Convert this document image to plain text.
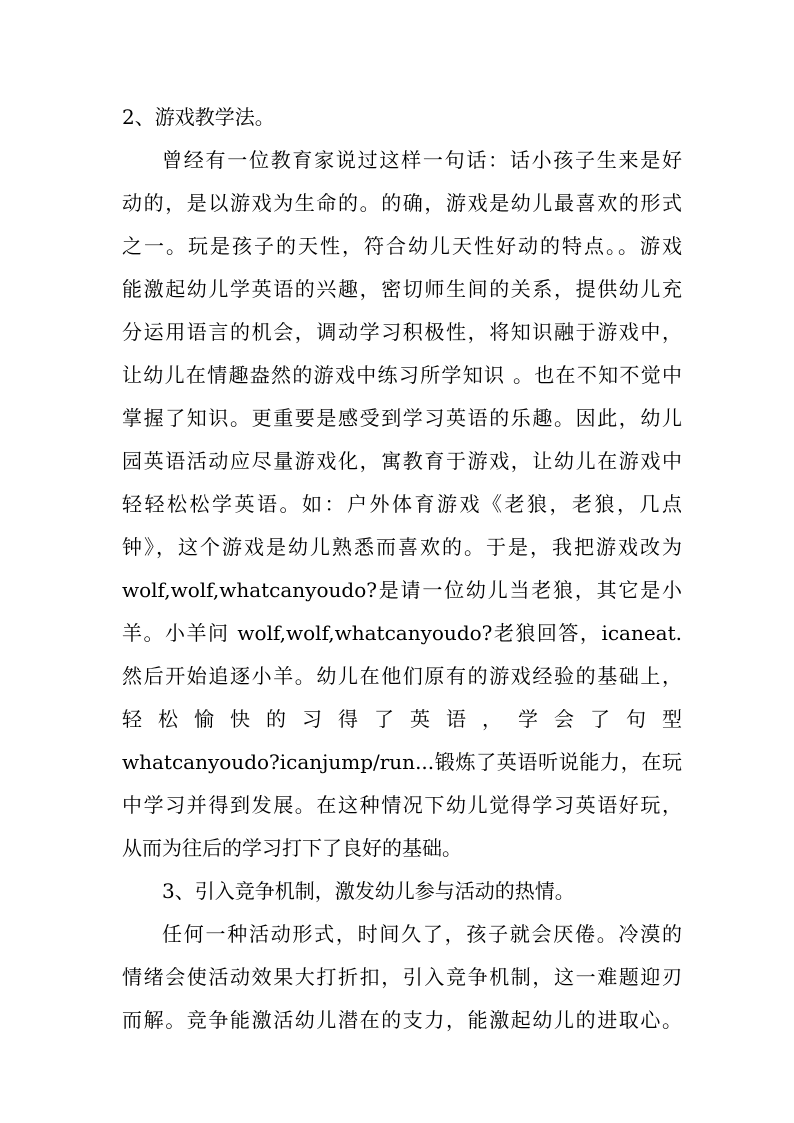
2、游戏教学法。
曾经有一位教育家说过这样一句话：话小孩子生来是好
动的，是以游戏为生命的。的确，游戏是幼儿最喜欢的形式
之一。玩是孩子的天性，符合幼儿天性好动的特点。。游戏
能激起幼儿学英语的兴趣，密切师生间的关系，提供幼儿充
分运用语言的机会，调动学习积极性，将知识融于游戏中，
让幼儿在情趣盎然的游戏中练习所学知识 。也在不知不觉中
掌握了知识。更重要是感受到学习英语的乐趣。因此，幼儿
园英语活动应尽量游戏化，寓教育于游戏，让幼儿在游戏中
轻轻松松学英语。如：户外体育游戏《老狼，老狼，几点
钟》，这个游戏是幼儿熟悉而喜欢的。于是，我把游戏改为
wolf,wolf,whatcanyoudo?是请一位幼儿当老狼，其它是小
羊。小羊问 wolf,wolf,whatcanyoudo?老狼回答，icaneat.
然后开始追逐小羊。幼儿在他们原有的游戏经验的基础上，
轻 松 愉 快 的 习 得 了 英 语 ， 学 会 了 句 型
whatcanyoudo?icanjump/run...锻炼了英语听说能力，在玩
中学习并得到发展。在这种情况下幼儿觉得学习英语好玩，
从而为往后的学习打下了良好的基础。
3、引入竞争机制，激发幼儿参与活动的热情。
任何一种活动形式，时间久了，孩子就会厌倦。冷漠的
情绪会使活动效果大打折扣，引入竞争机制，这一难题迎刃
而解。竞争能激活幼儿潜在的支力，能激起幼儿的进取心。
